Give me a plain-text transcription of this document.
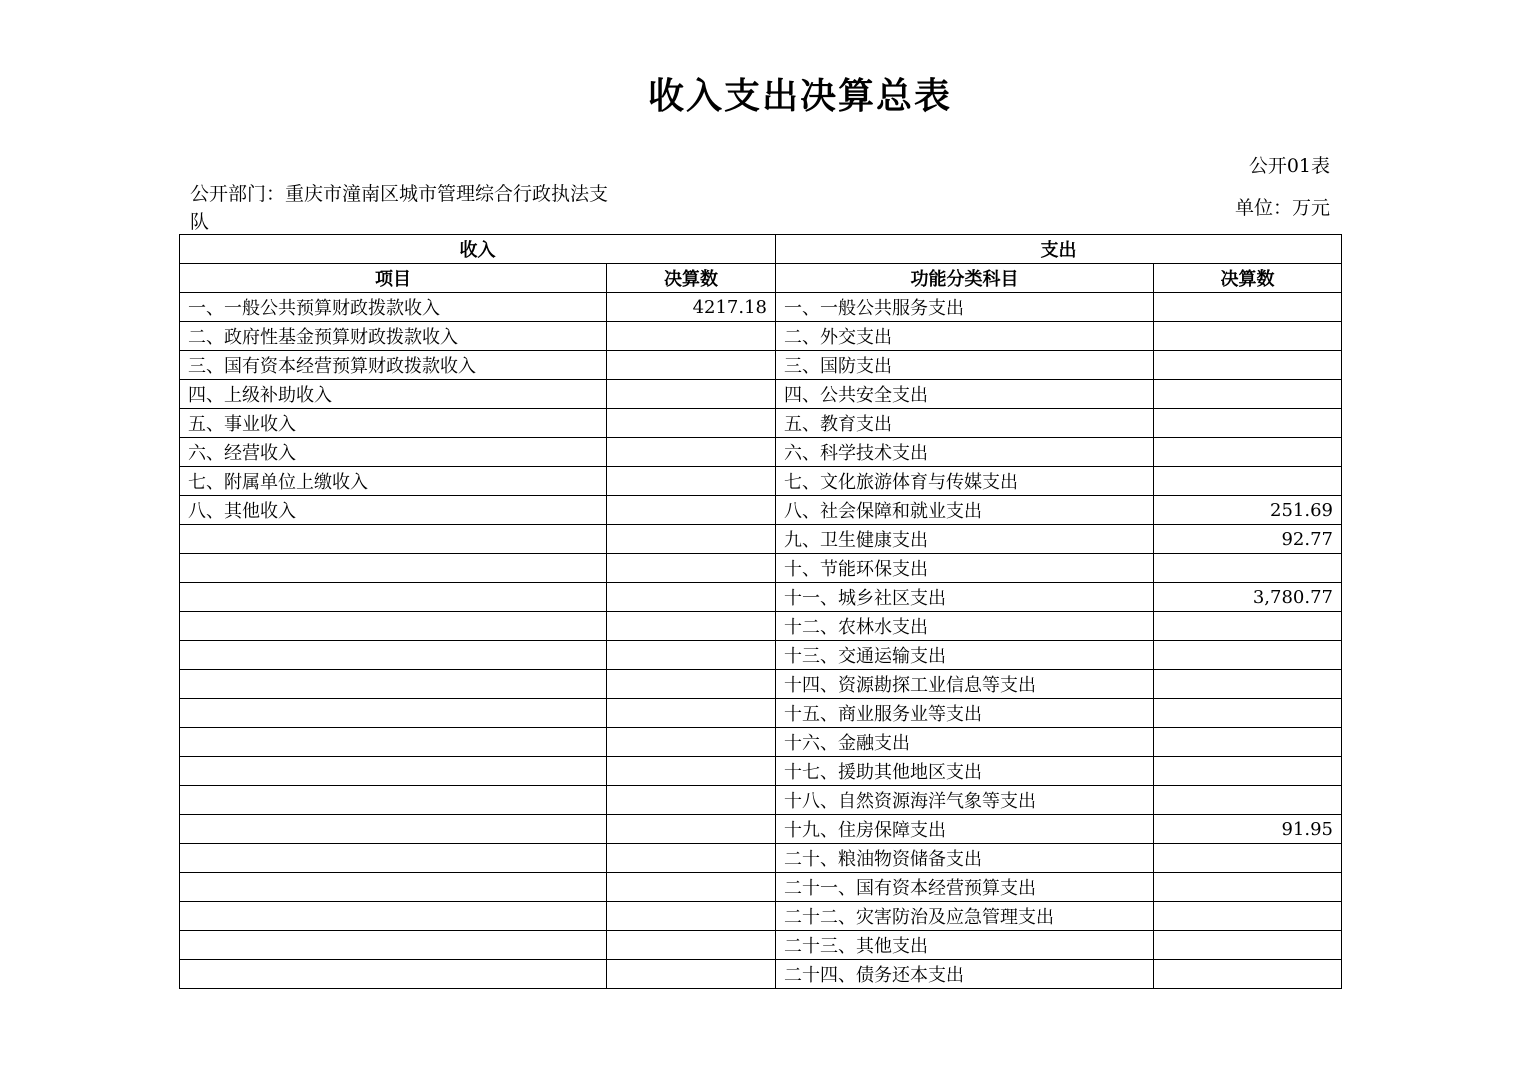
收入支出决算总表
公开01表
公开部门：重庆市潼南区城市管理综合行政执法支队
单位：万元
收入		支出	
项目	决算数	功能分类科目	决算数
一、一般公共预算财政拨款收入	4217.18	一、一般公共服务支出	
二、政府性基金预算财政拨款收入		二、外交支出	
三、国有资本经营预算财政拨款收入		三、国防支出	
四、上级补助收入		四、公共安全支出	
五、事业收入		五、教育支出	
六、经营收入		六、科学技术支出	
七、附属单位上缴收入		七、文化旅游体育与传媒支出	
八、其他收入		八、社会保障和就业支出	251.69
		九、卫生健康支出	92.77
		十、节能环保支出	
		十一、城乡社区支出	3,780.77
		十二、农林水支出	
		十三、交通运输支出	
		十四、资源勘探工业信息等支出	
		十五、商业服务业等支出	
		十六、金融支出	
		十七、援助其他地区支出	
		十八、自然资源海洋气象等支出	
		十九、住房保障支出	91.95
		二十、粮油物资储备支出	
		二十一、国有资本经营预算支出	
		二十二、灾害防治及应急管理支出	
		二十三、其他支出	
		二十四、债务还本支出	
